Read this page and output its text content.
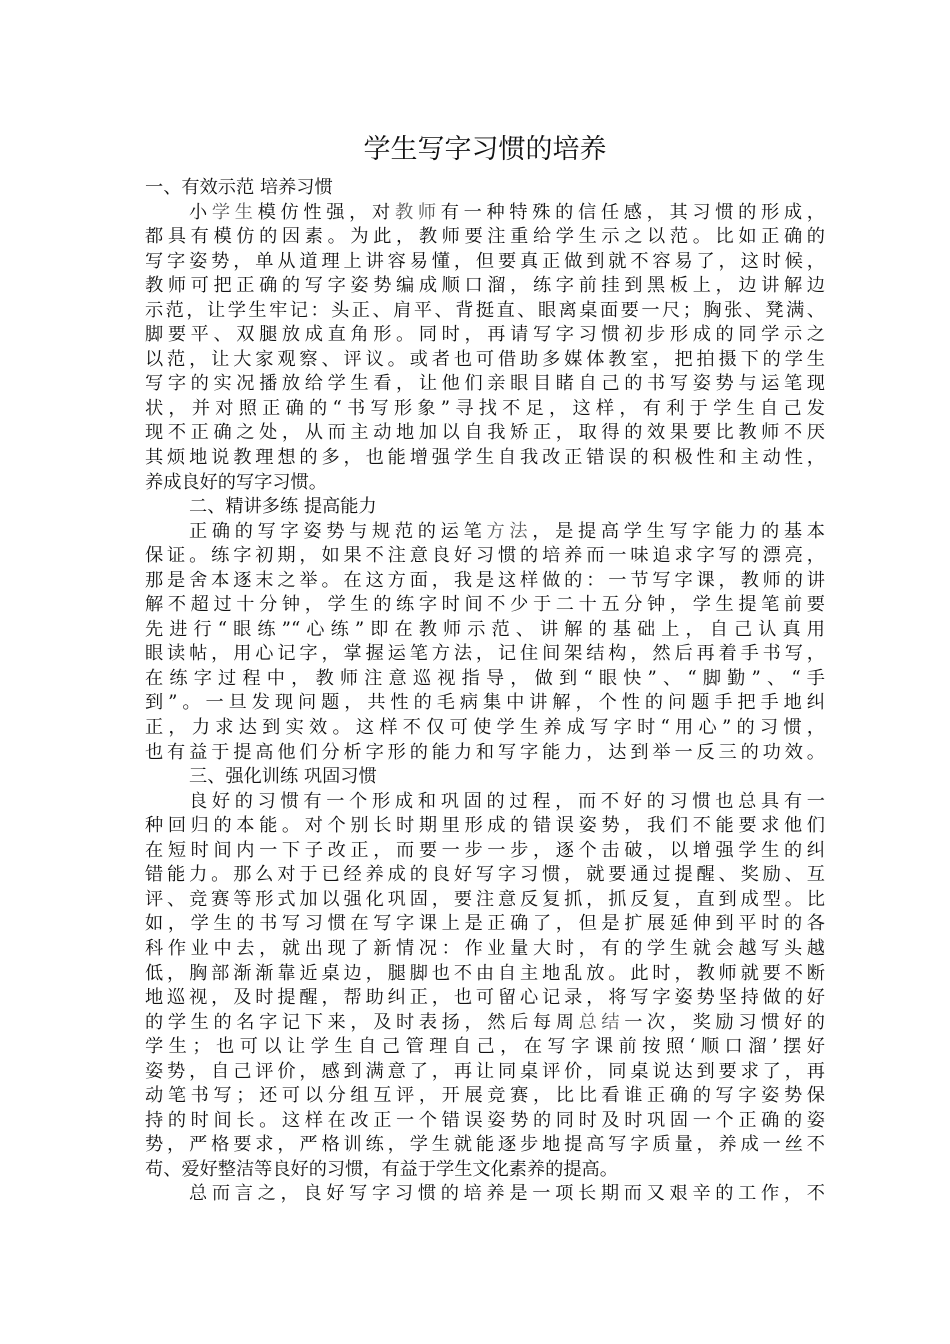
学生写字习惯的培养
一、有效示范 培养习惯
小学生模仿性强，对教师有一种特殊的信任感，其习惯的形成，
都具有模仿的因素。为此，教师要注重给学生示之以范。比如正确的
写字姿势，单从道理上讲容易懂，但要真正做到就不容易了，这时候，
教师可把正确的写字姿势编成顺口溜，练字前挂到黑板上，边讲解边
示范，让学生牢记：头正、肩平、背挺直、眼离桌面要一尺；胸张、凳满、
脚要平、双腿放成直角形。同时，再请写字习惯初步形成的同学示之
以范，让大家观察、评议。或者也可借助多媒体教室，把拍摄下的学生
写字的实况播放给学生看，让他们亲眼目睹自己的书写姿势与运笔现
状，并对照正确的“书写形象”寻找不足，这样，有利于学生自己发
现不正确之处，从而主动地加以自我矫正，取得的效果要比教师不厌
其烦地说教理想的多，也能增强学生自我改正错误的积极性和主动性，
养成良好的写字习惯。
二、精讲多练 提高能力
正确的写字姿势与规范的运笔方法，是提高学生写字能力的基本
保证。练字初期，如果不注意良好习惯的培养而一味追求字写的漂亮，
那是舍本逐末之举。在这方面，我是这样做的：一节写字课，教师的讲
解不超过十分钟，学生的练字时间不少于二十五分钟，学生提笔前要
先进行“眼练”“心练”即在教师示范、讲解的基础上，自己认真用
眼读帖，用心记字，掌握运笔方法，记住间架结构，然后再着手书写，
在练字过程中，教师注意巡视指导，做到“眼快”、“脚勤”、“手
到”。一旦发现问题，共性的毛病集中讲解，个性的问题手把手地纠
正，力求达到实效。这样不仅可使学生养成写字时“用心”的习惯，
也有益于提高他们分析字形的能力和写字能力，达到举一反三的功效。
三、强化训练 巩固习惯
良好的习惯有一个形成和巩固的过程，而不好的习惯也总具有一
种回归的本能。对个别长时期里形成的错误姿势，我们不能要求他们
在短时间内一下子改正，而要一步一步，逐个击破，以增强学生的纠
错能力。那么对于已经养成的良好写字习惯，就要通过提醒、奖励、互
评、竞赛等形式加以强化巩固，要注意反复抓，抓反复，直到成型。比
如，学生的书写习惯在写字课上是正确了，但是扩展延伸到平时的各
科作业中去，就出现了新情况：作业量大时，有的学生就会越写头越
低，胸部渐渐靠近桌边，腿脚也不由自主地乱放。此时，教师就要不断
地巡视，及时提醒，帮助纠正，也可留心记录，将写字姿势坚持做的好
的学生的名字记下来，及时表扬，然后每周总结一次，奖励习惯好的
学生；也可以让学生自己管理自己，在写字课前按照‘顺口溜’摆好
姿势，自己评价，感到满意了，再让同桌评价，同桌说达到要求了，再
动笔书写；还可以分组互评，开展竞赛，比比看谁正确的写字姿势保
持的时间长。这样在改正一个错误姿势的同时及时巩固一个正确的姿
势，严格要求，严格训练，学生就能逐步地提高写字质量，养成一丝不
苟、爱好整洁等良好的习惯，有益于学生文化素养的提高。
总而言之，良好写字习惯的培养是一项长期而又艰辛的工作，不
